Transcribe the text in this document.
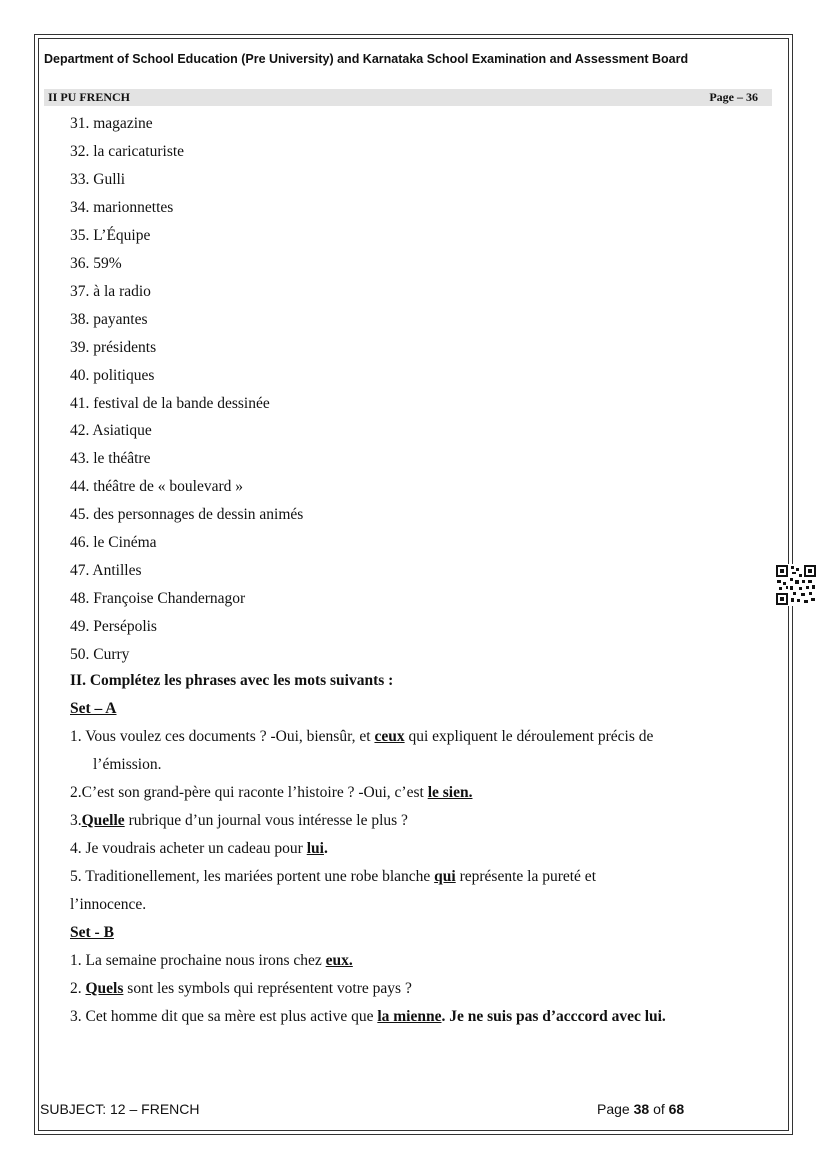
Department of School Education (Pre University) and Karnataka School Examination and Assessment Board
II PU FRENCH	Page – 36
31. magazine
32. la caricaturiste
33. Gulli
34. marionnettes
35. L’Équipe
36. 59%
37. à la radio
38. payantes
39. présidents
40. politiques
41. festival de la bande dessinée
42. Asiatique
43. le théâtre
44. théâtre de « boulevard »
45. des personnages de dessin animés
46. le Cinéma
47. Antilles
48. Françoise Chandernagor
49. Persépolis
50. Curry
II. Complétez les phrases avec les mots suivants :
Set – A
1. Vous voulez ces documents ? -Oui, biensûr, et ceux qui expliquent le déroulement précis de
l’émission.
2.C’est son grand-père qui raconte l’histoire ? -Oui, c’est le sien.
3.Quelle rubrique d’un journal vous intéresse le plus ?
4. Je voudrais acheter un cadeau pour lui.
5. Traditionellement, les mariées portent une robe blanche qui représente la pureté et
l’innocence.
Set - B
1. La semaine prochaine nous irons chez eux.
2. Quels sont les symbols qui représentent votre pays ?
3. Cet homme dit que sa mère est plus active que la mienne. Je ne suis pas d’acccord avec lui.
SUBJECT: 12 – FRENCH	Page 38 of 68
